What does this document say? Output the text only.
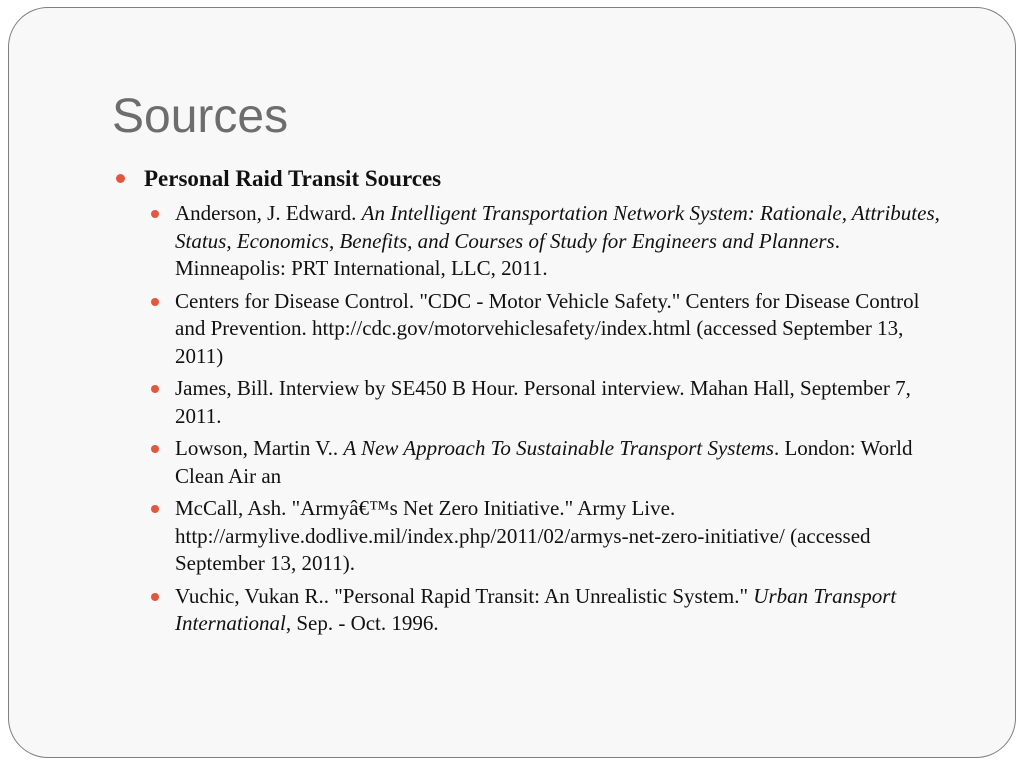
Sources
Personal Raid Transit Sources
Anderson, J. Edward. An Intelligent Transportation Network System: Rationale, Attributes, Status, Economics, Benefits, and Courses of Study for Engineers and Planners. Minneapolis: PRT International, LLC, 2011.
Centers for Disease Control. "CDC - Motor Vehicle Safety." Centers for Disease Control and Prevention. http://cdc.gov/motorvehiclesafety/index.html (accessed September 13, 2011)
James, Bill. Interview by SE450 B Hour. Personal interview. Mahan Hall, September 7, 2011.
Lowson, Martin V.. A New Approach To Sustainable Transport Systems. London: World Clean Air an
McCall, Ash. "Armyâ€™s Net Zero Initiative." Army Live. http://armylive.dodlive.mil/index.php/2011/02/armys-net-zero-initiative/ (accessed September 13, 2011).
Vuchic, Vukan R.. "Personal Rapid Transit: An Unrealistic System." Urban Transport International, Sep. - Oct. 1996.
